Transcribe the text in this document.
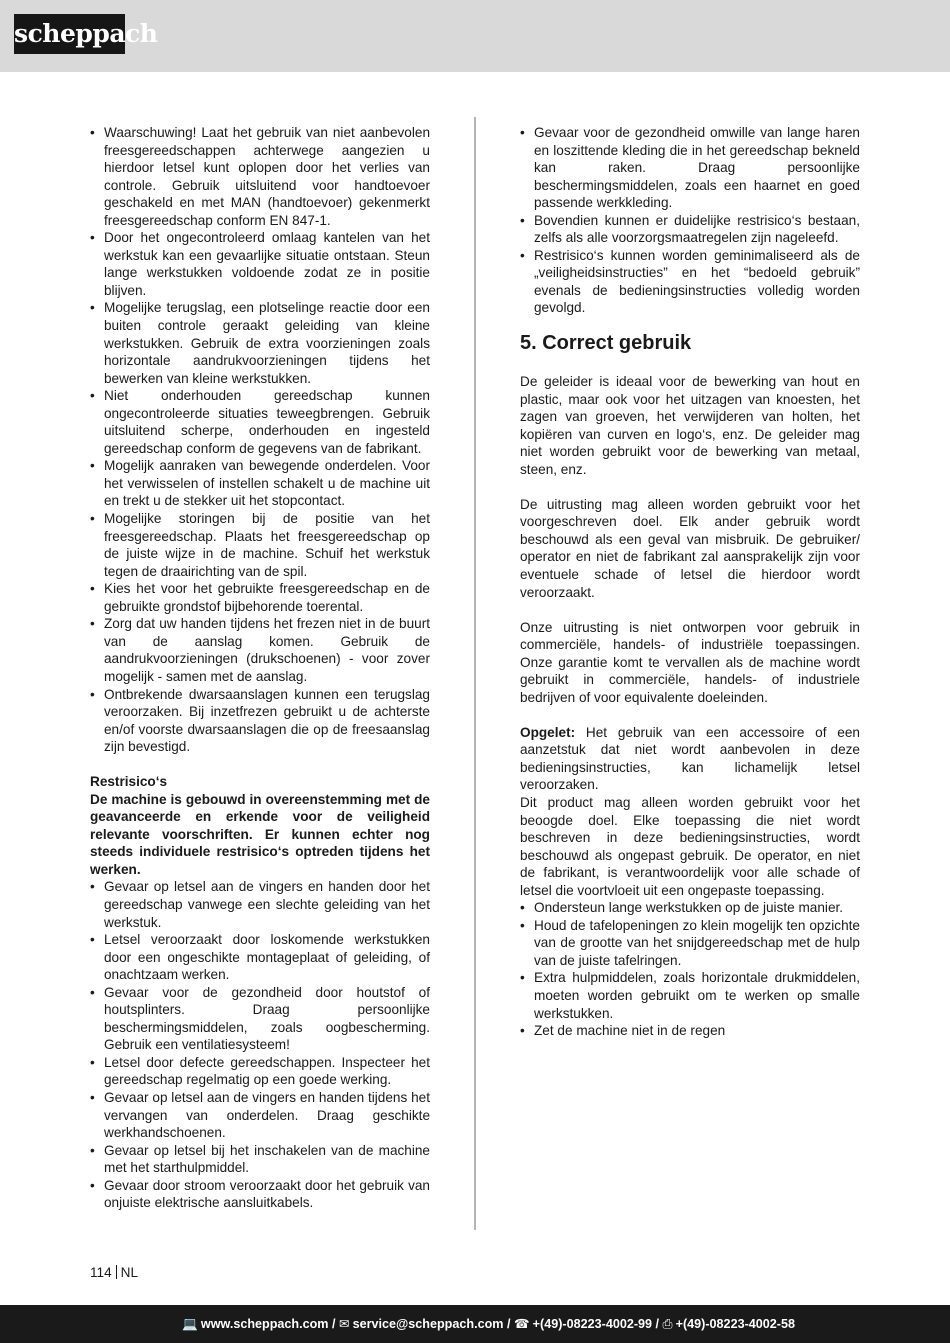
scheppach
• Waarschuwing! Laat het gebruik van niet aanbevolen freesgereedschappen achterwege aangezien u hierdoor letsel kunt oplopen door het verlies van controle. Gebruik uitsluitend voor handtoevoer geschakeld en met MAN (handtoevoer) gekenmerkt freesgereedschap conform EN 847-1.
• Door het ongecontroleerd omlaag kantelen van het werkstuk kan een gevaarlijke situatie ontstaan. Steun lange werkstukken voldoende zodat ze in positie blijven.
• Mogelijke terugslag, een plotselinge reactie door een buiten controle geraakt geleiding van kleine werkstukken. Gebruik de extra voorzieningen zoals horizontale aandrukvoorzieningen tijdens het bewerken van kleine werkstukken.
• Niet onderhouden gereedschap kunnen ongecontroleerde situaties teweegbrengen. Gebruik uitsluitend scherpe, onderhouden en ingesteld gereedschap conform de gegevens van de fabrikant.
• Mogelijk aanraken van bewegende onderdelen. Voor het verwisselen of instellen schakelt u de machine uit en trekt u de stekker uit het stopcontact.
• Mogelijke storingen bij de positie van het freesgereedschap. Plaats het freesgereedschap op de juiste wijze in de machine. Schuif het werkstuk tegen de draairichting van de spil.
• Kies het voor het gebruikte freesgereedschap en de gebruikte grondstof bijbehorende toerental.
• Zorg dat uw handen tijdens het frezen niet in de buurt van de aanslag komen. Gebruik de aandrukvoorzieningen (drukschoenen) - voor zover mogelijk - samen met de aanslag.
• Ontbrekende dwarsaanslagen kunnen een terugslag veroorzaken. Bij inzetfrezen gebruikt u de achterste en/of voorste dwarsaanslagen die op de freesaanslag zijn bevestigd.
Restrisico‘s

De machine is gebouwd in overeenstemming met de geavanceerde en erkende voor de veiligheid relevante voorschriften. Er kunnen echter nog steeds individuele restrisico‘s optreden tijdens het werken.

• Gevaar op letsel aan de vingers en handen door het gereedschap vanwege een slechte geleiding van het werkstuk.
• Letsel veroorzaakt door loskomende werkstukken door een ongeschikte montageplaat of geleiding, of onachtzaam werken.
• Gevaar voor de gezondheid door houtstof of houtsplinters. Draag persoonlijke beschermingsmiddelen, zoals oogbescherming. Gebruik een ventilatiesysteem!
• Letsel door defecte gereedschappen. Inspecteer het gereedschap regelmatig op een goede werking.
• Gevaar op letsel aan de vingers en handen tijdens het vervangen van onderdelen. Draag geschikte werkhandschoenen.
• Gevaar op letsel bij het inschakelen van de machine met het starthulpmiddel.
• Gevaar door stroom veroorzaakt door het gebruik van onjuiste elektrische aansluitkabels.
• Gevaar voor de gezondheid omwille van lange haren en loszittende kleding die in het gereedschap bekneld kan raken. Draag persoonlijke beschermingsmiddelen, zoals een haarnet en goed passende werkkleding.
• Bovendien kunnen er duidelijke restrisico‘s bestaan, zelfs als alle voorzorgsmaatregelen zijn nageleefd.
• Restrisico‘s kunnen worden geminimaliseerd als de „veiligheidsinstructies” en het “bedoeld gebruik” evenals de bedieningsinstructies volledig worden gevolgd.
5. Correct gebruik

De geleider is ideaal voor de bewerking van hout en plastic, maar ook voor het uitzagen van knoesten, het zagen van groeven, het verwijderen van holten, het kopiëren van curven en logo‘s, enz. De geleider mag niet worden gebruikt voor de bewerking van metaal, steen, enz.

De uitrusting mag alleen worden gebruikt voor het voorgeschreven doel. Elk ander gebruik wordt beschouwd als een geval van misbruik. De gebruiker/ operator en niet de fabrikant zal aansprakelijk zijn voor eventuele schade of letsel die hierdoor wordt veroorzaakt.

Onze uitrusting is niet ontworpen voor gebruik in commerciële, handels- of industriële toepassingen. Onze garantie komt te vervallen als de machine wordt gebruikt in commerciële, handels- of industriele bedrijven of voor equivalente doeleinden.

Opgelet: Het gebruik van een accessoire of een aanzetstuk dat niet wordt aanbevolen in deze bedieningsinstructies, kan lichamelijk letsel veroorzaken.

Dit product mag alleen worden gebruikt voor het beoogde doel. Elke toepassing die niet wordt beschreven in deze bedieningsinstructies, wordt beschouwd als ongepast gebruik. De operator, en niet de fabrikant, is verantwoordelijk voor alle schade of letsel die voortvloeit uit een ongepaste toepassing.

• Ondersteun lange werkstukken op de juiste manier.
• Houd de tafelopeningen zo klein mogelijk ten opzichte van de grootte van het snijdgereedschap met de hulp van de juiste tafelringen.
• Extra hulpmiddelen, zoals horizontale drukmiddelen, moeten worden gebruikt om te werken op smalle werkstukken.
• Zet de machine niet in de regen
114 NL
💻 www.scheppach.com / ✉ service@scheppach.com / ☎ +(49)-08223-4002-99 / ⎙ +(49)-08223-4002-58
